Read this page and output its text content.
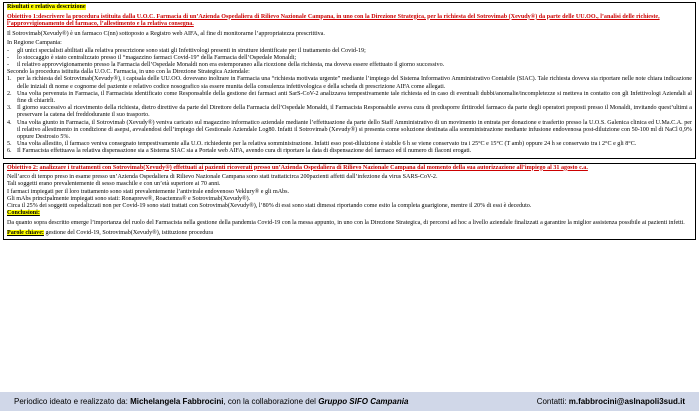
Risultati e relativa descrizione
Obiettivo 1:descrivere la procedura istituita dalla U.O.C. Farmacia di un’Azienda Ospedaliera di Rilievo Nazionale Campana, in uno con la Direzione Strategica, per la richiesta del Sotrovimab (Xevudy®) da parte delle UU.OO., l’analisi delle richieste, l’approvvigionamento del farmaco, l’allestimento e la relativa consegna.
Il Sotrovimab(Xevudy®) è un farmaco C(nn) sottoposto a Registro web AIFA, al fine di monitorarne l’appropriatezza prescrittiva.
In Regione Campania:
-	gli unici specialisti abilitati alla relativa prescrizione sono stati gli Infettivologi presenti in strutture identificate per il trattamento del Covid-19;
-	lo stoccaggio è stato centralizzato presso il “magazzino farmaci Covid-19” della Farmacia dell’Ospedale Monaldi;
-	il relativo approvvigionamento presso la Farmacia dell’Ospedale Monaldi non era estemporaneo alla ricezione della richiesta, ma doveva essere effettuato il giorno successivo.
Secondo la procedura istituita dalla U.O.C. Farmacia, in uno con la Direzione Strategica Aziendale:
1. per la richiesta del Sotrovimab(Xevudy®), i capisala delle UU.OO. dovevano inoltrare in Farmacia una “richiesta motivata urgente” mediante l’impiego del Sistema Informativo Amministrativo Contabile (SIAC). Tale richiesta doveva sia riportare nelle note chiara indicazione delle iniziali di nome e cognome del paziente e relativo codice nosografico sia essere munita della consulenza infettivologica e della scheda di prescrizione AIFA come allegati.
2. Una volta pervenuta in Farmacia, il Farmacista identificato come Responsabile della gestione dei farmaci anti SarS-CoV-2 analizzava tempestivamente tale richiesta ed in caso di eventuali dubbi/anomalie/incompletezze si metteva in contatto con gli Infettivologi Aziendali al fine di chiarirli.
3. Il giorno successivo al ricevimento della richiesta, dietro direttive da parte del Direttore della Farmacia dell’Ospedale Monaldi, il Farmacista Responsabile aveva cura di predisporre ilritirodel farmaco da parte degli operatori preposti presso il Monaldi, invitando quest’ultimi a preservare la catena del freddodurante il suo trasporto.
4. Una volta giunto in Farmacia, il Sotrovimab (Xevudy®) veniva caricato sul magazzino informatico aziendale mediante l’effettuazione da parte dello Staff Amministrativo di un movimento in entrata per donazione e trasferito presso la U.O.S. Galenica clinica ed U.Ma.C.A. per il relativo allestimento in condizione di asepsi, avvalendosi dell’impiego del Gestionale Aziendale Log80. Infatti il Sotrovimab (Xevudy®) si presenta come soluzione destinata alla somministrazione mediante infusione endovenosa post-diluizione con 50-100 ml di NaCl 0,9% oppure Destrosio 5%.
5. Una volta allestito, il farmaco veniva consegnato tempestivamente alla U.O. richiedente per la relativa somministrazione. Infatti esso post-diluizione è stabile 6 h se viene conservato tra i 25°C e 15°C (T amb) oppure 24 h se conservato tra i 2°C e gli 8°C.
6. Il Farmacista effettuava la relativa dispensazione sia a Sistema SIAC sia a Portale web AIFA, avendo cura di riportare la data di dispensazione del farmaco ed il numero di flaconi erogati.
Obiettivo 2: analizzare i trattamenti con Sotrovimab(Xevudy®) effettuati ai pazienti ricoverati presso un’Azienda Ospedaliera di Rilievo Nazionale Campana dal momento della sua autorizzazione all’impiego al 31 agosto c.a.
Nell’arco di tempo preso in esame presso un’Azienda Ospedaliera di Rilievo Nazionale Campana sono stati trattaticirca 200pazienti affetti dall’infezione da virus SARS-CoV-2.
Tali soggetti erano prevalentemente di sesso maschile e con un’età superiore ai 70 anni.
I farmaci impiegati per il loro trattamento sono stati prevalentemente l’antivirale endovenoso Veklury® e gli mAbs.
Gli mAbs principalmente impiegati sono stati: Ronapreve®, Roactemra® e Sotrovimab(Xevudy®).
Circa il 25% dei soggetti ospedalizzati non per Covid-19 sono stati trattati con Sotrovimab(Xevudy®), l’80% di essi sono stati dimessi riportando come esito la completa guarigione, mentre il 20% di essi è deceduto.
Conclusioni:
Da quanto sopra descritto emerge l’importanza del ruolo del Farmacista nella gestione della pandemia Covid-19 con la messa appunto, in uno con la Direzione Strategica, di percorsi ad hoc a livello aziendale finalizzati a garantire la miglior assistenza possibile ai pazienti infetti.
Parole chiave: gestione del Covid-19, Sotrovimab(Xevudy®), istituzione procedura
Periodico ideato e realizzato da: Michelangela Fabbrocini, con la collaborazione del Gruppo SIFO Campania	Contatti: m.fabbrocini@aslnapoli3sud.it
